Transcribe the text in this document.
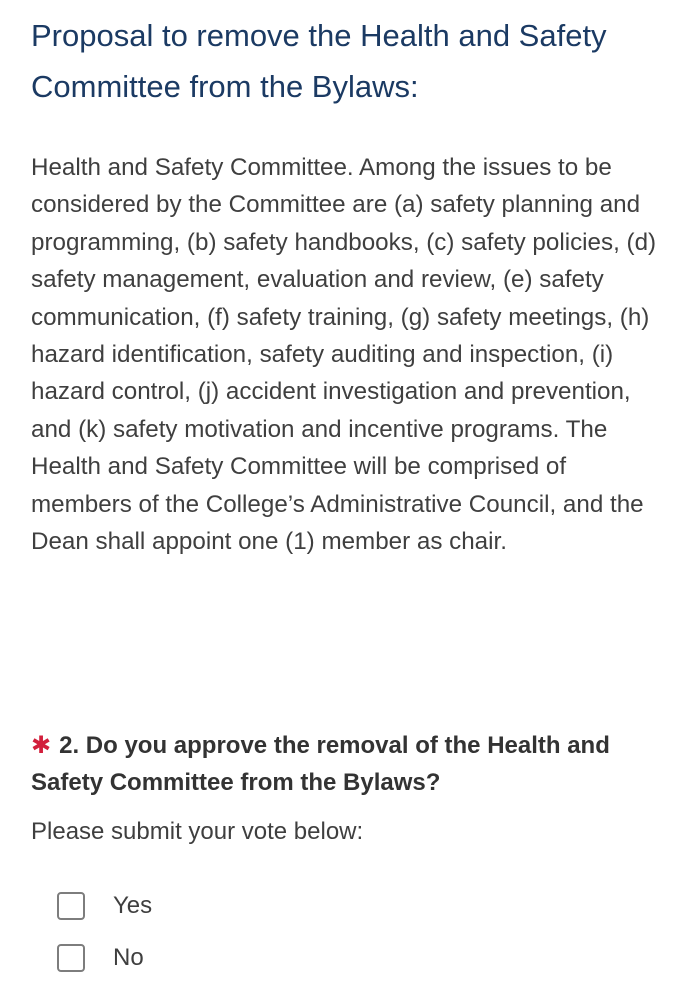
Proposal to remove the Health and Safety Committee from the Bylaws:

Health and Safety Committee. Among the issues to be considered by the Committee are (a) safety planning and programming, (b) safety handbooks, (c) safety policies, (d) safety management, evaluation and review, (e) safety communication, (f) safety training, (g) safety meetings, (h) hazard identification, safety auditing and inspection, (i) hazard control, (j) accident investigation and prevention, and (k) safety motivation and incentive programs. The Health and Safety Committee will be comprised of members of the College’s Administrative Council, and the Dean shall appoint one (1) member as chair.

✱ 2. Do you approve the removal of the Health and Safety Committee from the Bylaws?
Please submit your vote below:
Yes
No
